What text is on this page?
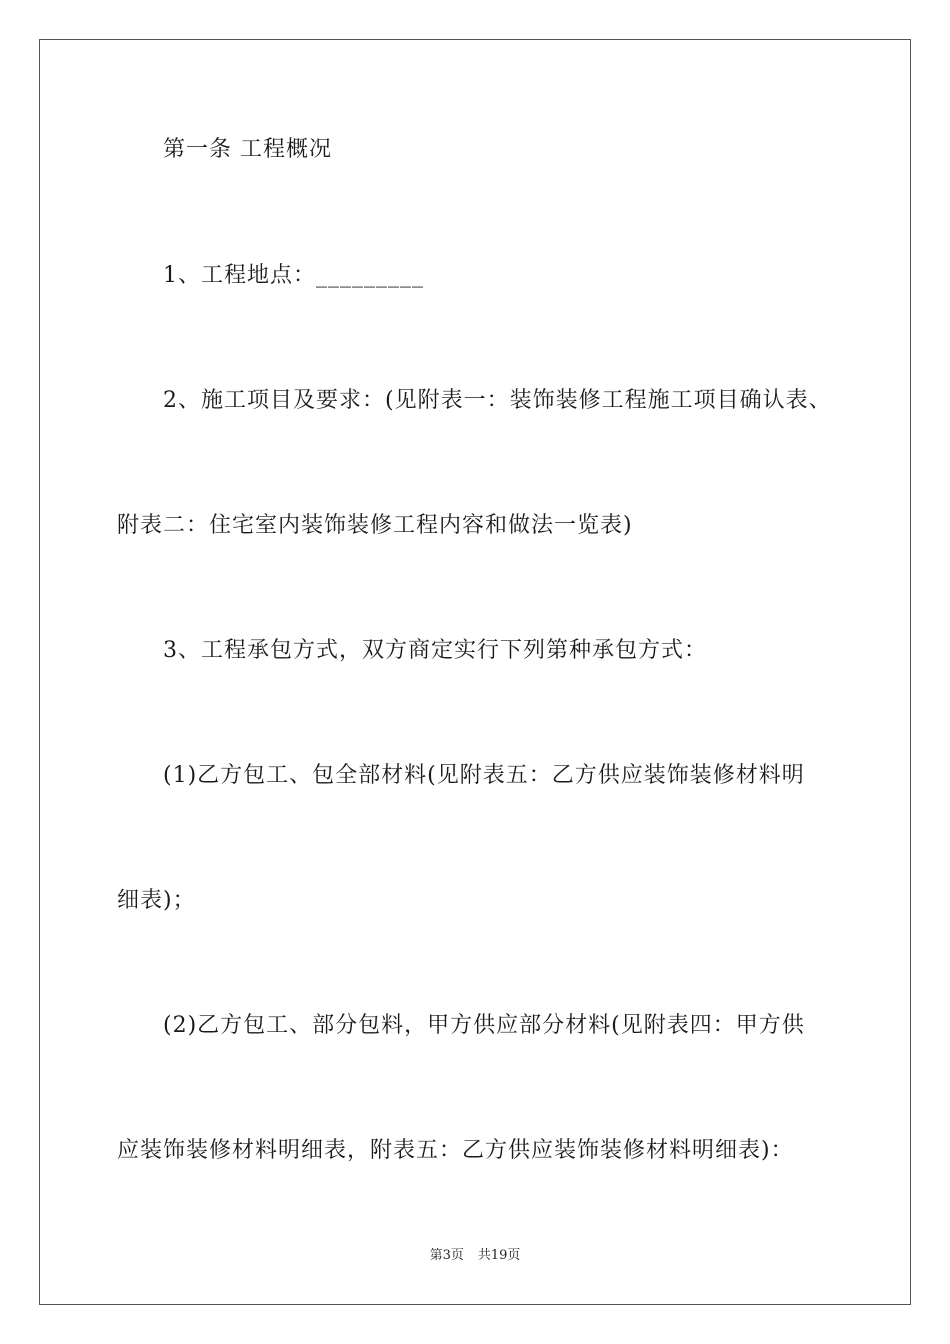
第一条 工程概况
1、工程地点：_________
2、施工项目及要求：(见附表一：装饰装修工程施工项目确认表、
附表二：住宅室内装饰装修工程内容和做法一览表)
3、工程承包方式，双方商定实行下列第种承包方式：
(1)乙方包工、包全部材料(见附表五：乙方供应装饰装修材料明
细表)；
(2)乙方包工、部分包料，甲方供应部分材料(见附表四：甲方供
应装饰装修材料明细表，附表五：乙方供应装饰装修材料明细表)：
第3页 共19页
